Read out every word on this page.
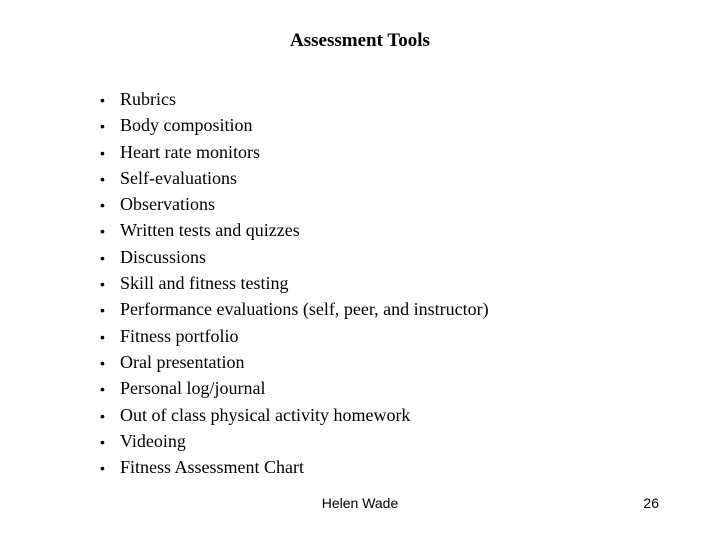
Assessment Tools
• Rubrics
• Body composition
• Heart rate monitors
• Self-evaluations
• Observations
• Written tests and quizzes
• Discussions
• Skill and fitness testing
• Performance evaluations (self, peer, and instructor)
• Fitness portfolio
• Oral presentation
• Personal log/journal
• Out of class physical activity homework
• Videoing
• Fitness Assessment Chart
Helen Wade	26
